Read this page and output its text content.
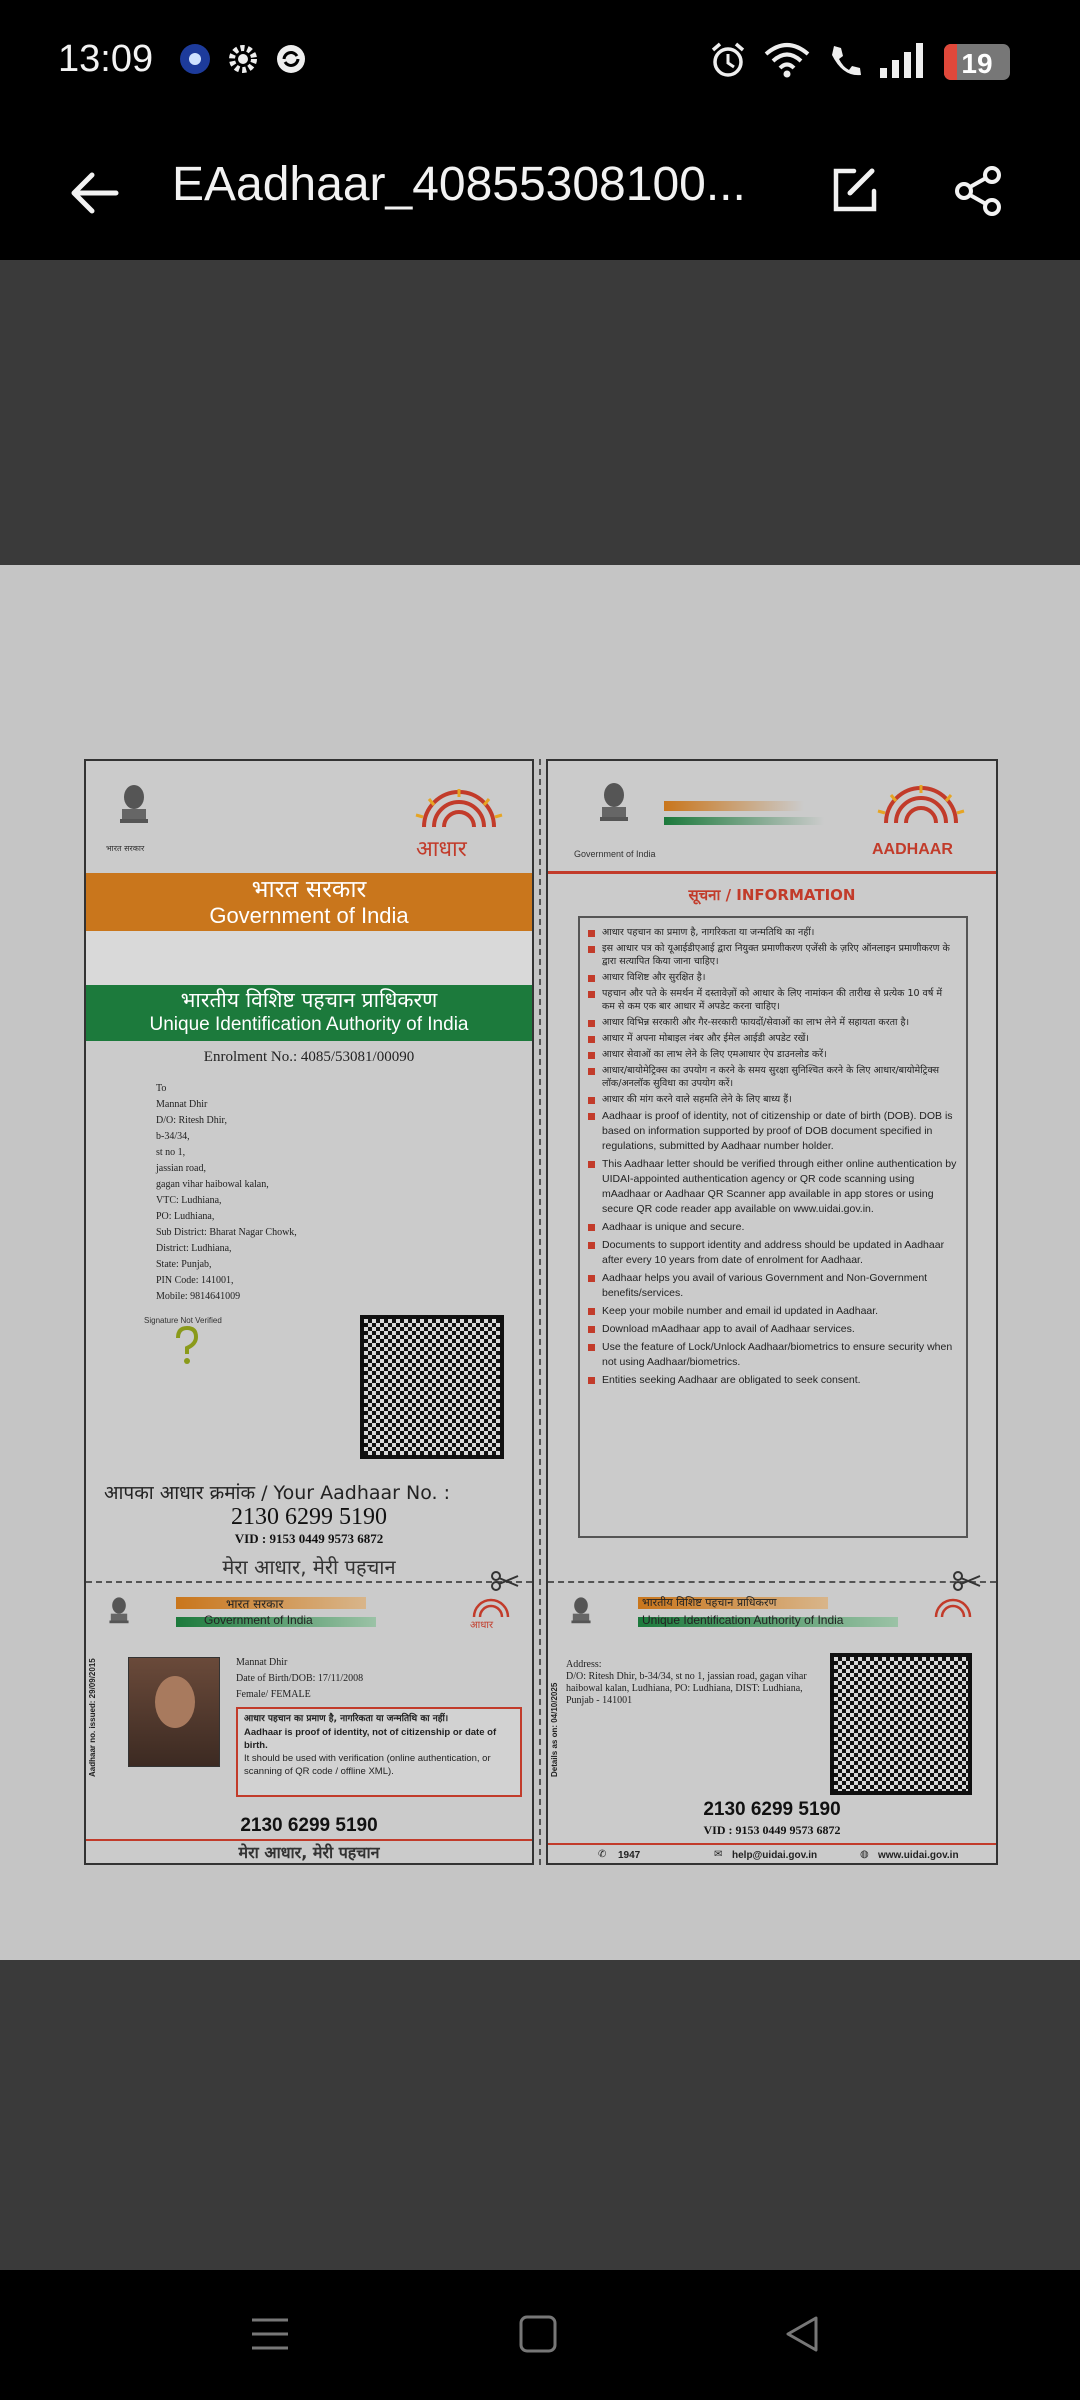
13:09	19
EAadhaar_40855308100...
भारत सरकार	आधार
भारत सरकार
Government of India
भारतीय विशिष्ट पहचान प्राधिकरण
Unique Identification Authority of India
Enrolment No.: 4085/53081/00090
To
Mannat Dhir
D/O: Ritesh Dhir,
b-34/34,
st no 1,
jassian road,
gagan vihar haibowal kalan,
VTC: Ludhiana,
PO: Ludhiana,
Sub District: Bharat Nagar Chowk,
District: Ludhiana,
State: Punjab,
PIN Code: 141001,
Mobile: 9814641009
Signature Not Verified
आपका आधार क्रमांक / Your Aadhaar No. :
2130 6299 5190
VID : 9153 0449 9573 6872
मेरा आधार, मेरी पहचान
भारत सरकार
Government of India	आधार
Aadhaar no. issued: 29/09/2015	Mannat Dhir
Date of Birth/DOB: 17/11/2008
Female/ FEMALE
आधार पहचान का प्रमाण है, नागरिकता या जन्मतिथि का नहीं।
Aadhaar is proof of identity, not of citizenship or date of birth.
It should be used with verification (online authentication, or scanning of QR code / offline XML).
2130 6299 5190
मेरा आधार, मेरी पहचान
Government of India	AADHAAR
सूचना / INFORMATION
आधार पहचान का प्रमाण है, नागरिकता या जन्मतिथि का नहीं।
इस आधार पत्र को यूआईडीएआई द्वारा नियुक्त प्रमाणीकरण एजेंसी के ज़रिए ऑनलाइन प्रमाणीकरण के द्वारा सत्यापित किया जाना चाहिए।
आधार विशिष्ट और सुरक्षित है।
पहचान और पते के समर्थन में दस्तावेज़ों को आधार के लिए नामांकन की तारीख से प्रत्येक 10 वर्ष में कम से कम एक बार आधार में अपडेट करना चाहिए।
आधार विभिन्न सरकारी और गैर-सरकारी फायदों/सेवाओं का लाभ लेने में सहायता करता है।
आधार में अपना मोबाइल नंबर और ईमेल आईडी अपडेट रखें।
आधार सेवाओं का लाभ लेने के लिए एमआधार ऐप डाउनलोड करें।
आधार/बायोमेट्रिक्स का उपयोग न करने के समय सुरक्षा सुनिश्चित करने के लिए आधार/बायोमेट्रिक्स लॉक/अनलॉक सुविधा का उपयोग करें।
आधार की मांग करने वाले सहमति लेने के लिए बाध्य हैं।
Aadhaar is proof of identity, not of citizenship or date of birth (DOB). DOB is based on information supported by proof of DOB document specified in regulations, submitted by Aadhaar number holder.
This Aadhaar letter should be verified through either online authentication by UIDAI-appointed authentication agency or QR code scanning using mAadhaar or Aadhaar QR Scanner app available in app stores or using secure QR code reader app available on www.uidai.gov.in.
Aadhaar is unique and secure.
Documents to support identity and address should be updated in Aadhaar after every 10 years from date of enrolment for Aadhaar.
Aadhaar helps you avail of various Government and Non-Government benefits/services.
Keep your mobile number and email id updated in Aadhaar.
Download mAadhaar app to avail of Aadhaar services.
Use the feature of Lock/Unlock Aadhaar/biometrics to ensure security when not using Aadhaar/biometrics.
Entities seeking Aadhaar are obligated to seek consent.
भारतीय विशिष्ट पहचान प्राधिकरण
Unique Identification Authority of India
Details as on: 04/10/2025
Address:
D/O: Ritesh Dhir, b-34/34, st no 1, jassian road, gagan vihar haibowal kalan, Ludhiana, PO: Ludhiana, DIST: Ludhiana, Punjab - 141001
2130 6299 5190
VID : 9153 0449 9573 6872
✆ 1947	✉ help@uidai.gov.in	◍ www.uidai.gov.in
